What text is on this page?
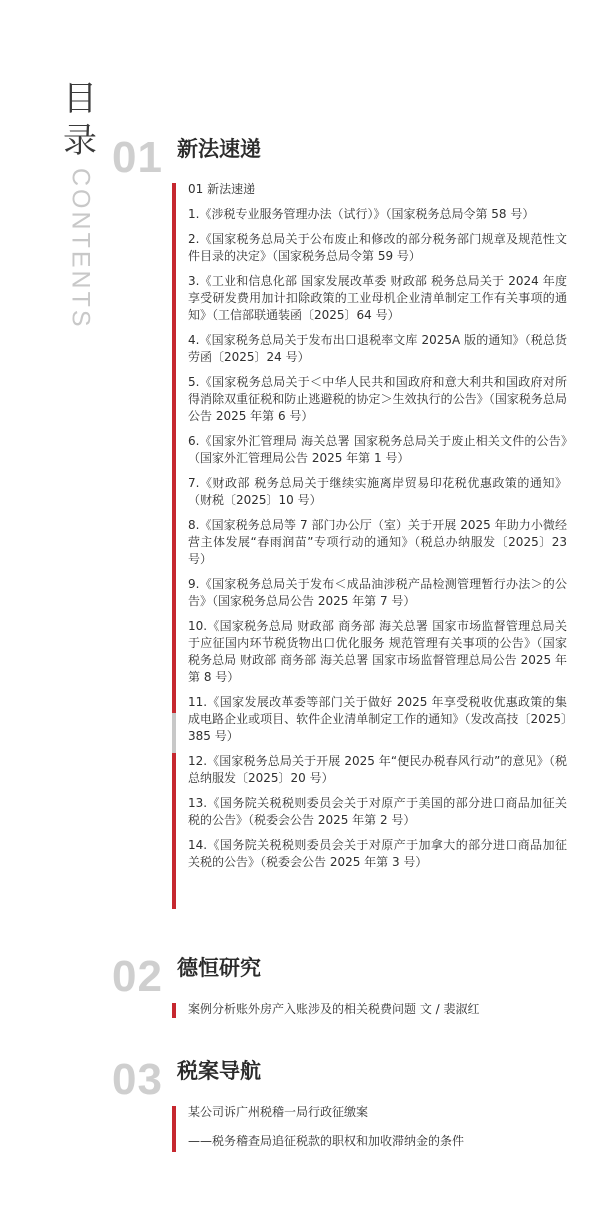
目
录
CONTENTS
01 新法速递
01 新法速递
1.《涉税专业服务管理办法（试行）》（国家税务总局令第 58 号）
2.《国家税务总局关于公布废止和修改的部分税务部门规章及规范性文件目录的决定》（国家税务总局令第 59 号）
3.《工业和信息化部 国家发展改革委 财政部 税务总局关于 2024 年度享受研发费用加计扣除政策的工业母机企业清单制定工作有关事项的通知》（工信部联通装函〔2025〕64 号）
4.《国家税务总局关于发布出口退税率文库 2025A 版的通知》（税总货劳函〔2025〕24 号）
5.《国家税务总局关于＜中华人民共和国政府和意大利共和国政府对所得消除双重征税和防止逃避税的协定＞生效执行的公告》（国家税务总局公告 2025 年第 6 号）
6.《国家外汇管理局 海关总署 国家税务总局关于废止相关文件的公告》（国家外汇管理局公告 2025 年第 1 号）
7.《财政部 税务总局关于继续实施离岸贸易印花税优惠政策的通知》（财税〔2025〕10 号）
8.《国家税务总局等 7 部门办公厅（室）关于开展 2025 年助力小微经营主体发展“春雨润苗”专项行动的通知》（税总办纳服发〔2025〕23 号）
9.《国家税务总局关于发布＜成品油涉税产品检测管理暂行办法＞的公告》（国家税务总局公告 2025 年第 7 号）
10.《国家税务总局 财政部 商务部 海关总署 国家市场监督管理总局关于应征国内环节税货物出口优化服务 规范管理有关事项的公告》（国家税务总局 财政部 商务部 海关总署 国家市场监督管理总局公告 2025 年第 8 号）
11.《国家发展改革委等部门关于做好 2025 年享受税收优惠政策的集成电路企业或项目、软件企业清单制定工作的通知》（发改高技〔2025〕385 号）
12.《国家税务总局关于开展 2025 年“便民办税春风行动”的意见》（税总纳服发〔2025〕20 号）
13.《国务院关税税则委员会关于对原产于美国的部分进口商品加征关税的公告》（税委会公告 2025 年第 2 号）
14.《国务院关税税则委员会关于对原产于加拿大的部分进口商品加征关税的公告》（税委会公告 2025 年第 3 号）
02 德恒研究
案例分析账外房产入账涉及的相关税费问题 文 / 裴淑红
03 税案导航
某公司诉广州税稽一局行政征缴案
——税务稽查局追征税款的职权和加收滞纳金的条件
